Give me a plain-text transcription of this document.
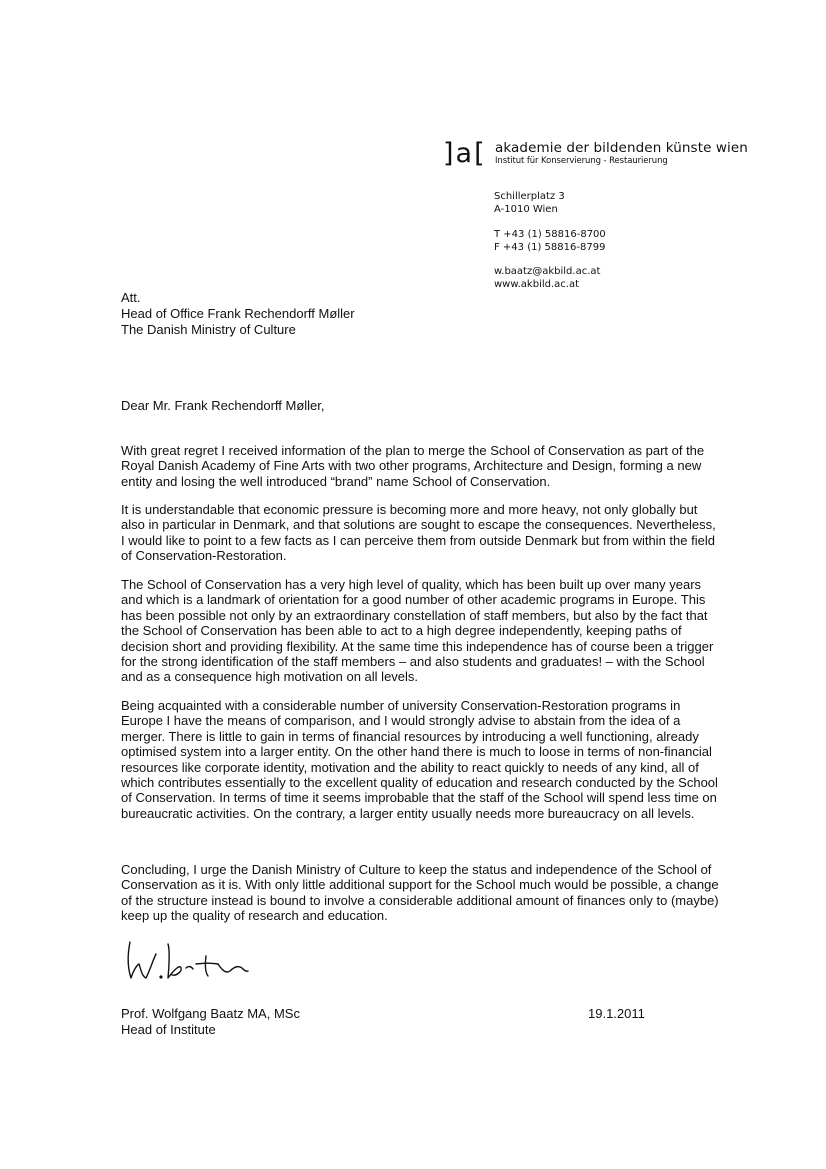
]a[ akademie der bildenden künste wien
Institut für Konservierung - Restaurierung
Schillerplatz 3
A-1010 Wien
T +43 (1) 58816-8700
F +43 (1) 58816-8799
w.baatz@akbild.ac.at
www.akbild.ac.at
Att.
Head of Office Frank Rechendorff Møller
The Danish Ministry of Culture
Dear Mr. Frank Rechendorff Møller,

With great regret I received information of the plan to merge the School of Conservation as part of the Royal Danish Academy of Fine Arts with two other programs, Architecture and Design, forming a new entity and losing the well introduced “brand” name School of Conservation.

It is understandable that economic pressure is becoming more and more heavy, not only globally but also in particular in Denmark, and that solutions are sought to escape the consequences. Nevertheless, I would like to point to a few facts as I can perceive them from outside Denmark but from within the field of Conservation-Restoration.

The School of Conservation has a very high level of quality, which has been built up over many years and which is a landmark of orientation for a good number of other academic programs in Europe. This has been possible not only by an extraordinary constellation of staff members, but also by the fact that the School of Conservation has been able to act to a high degree independently, keeping paths of decision short and providing flexibility. At the same time this independence has of course been a trigger for the strong identification of the staff members – and also students and graduates! – with the School and as a consequence high motivation on all levels.

Being acquainted with a considerable number of university Conservation-Restoration programs in Europe I have the means of comparison, and I would strongly advise to abstain from the idea of a merger. There is little to gain in terms of financial resources by introducing a well functioning, already optimised system into a larger entity. On the other hand there is much to loose in terms of non-financial resources like corporate identity, motivation and the ability to react quickly to needs of any kind, all of which contributes essentially to the excellent quality of education and research conducted by the School of Conservation. In terms of time it seems improbable that the staff of the School will spend less time on bureaucratic activities. On the contrary, a larger entity usually needs more bureaucracy on all levels.

Concluding, I urge the Danish Ministry of Culture to keep the status and independence of the School of Conservation as it is. With only little additional support for the School much would be possible, a change of the structure instead is bound to involve a considerable additional amount of finances only to (maybe) keep up the quality of research and education.

Prof. Wolfgang Baatz MA, MSc
Head of Institute
19.1.2011
